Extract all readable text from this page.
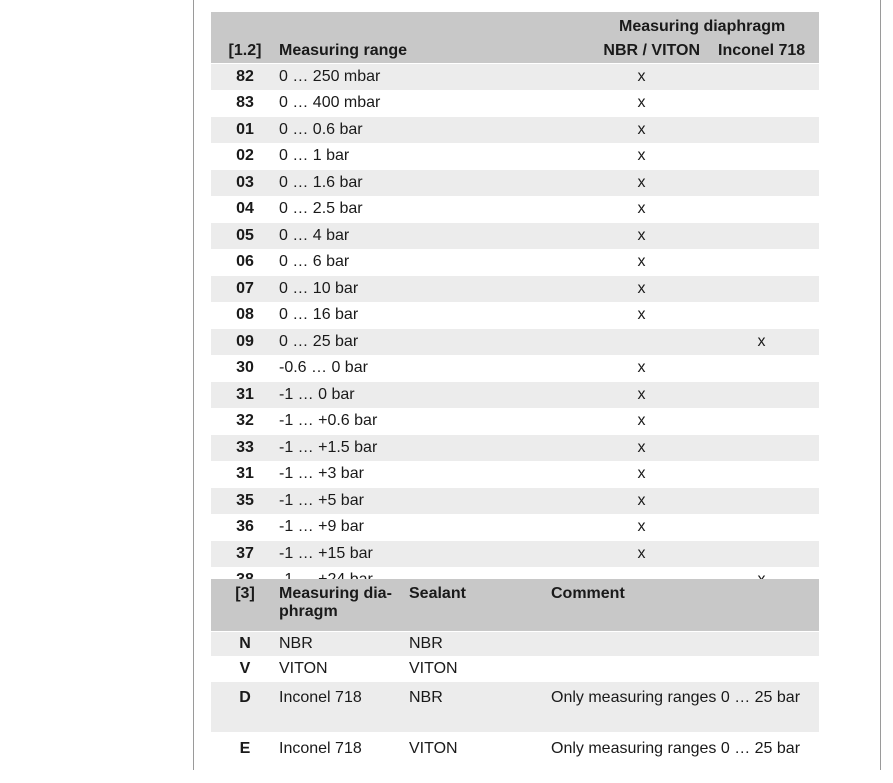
		Measuring diaphragm	
[1.2]	Measuring range	NBR / VITON	Inconel 718
82	0 … 250 mbar	x	
83	0 … 400 mbar	x	
01	0 … 0.6 bar	x	
02	0 … 1 bar	x	
03	0 … 1.6 bar	x	
04	0 … 2.5 bar	x	
05	0 … 4 bar	x	
06	0 … 6 bar	x	
07	0 … 10 bar	x	
08	0 … 16 bar	x	
09	0 … 25 bar		x
30	-0.6 … 0 bar	x	
31	-1 … 0 bar	x	
32	-1 … +0.6 bar	x	
33	-1 … +1.5 bar	x	
31	-1 … +3 bar	x	
35	-1 … +5 bar	x	
36	-1 … +9 bar	x	
37	-1 … +15 bar	x	

[3]	Measuring dia-phragm	Sealant	Comment
N	NBR	NBR	
V	VITON	VITON	
D	Inconel 718	NBR	Only measuring ranges 0 … 25 bar
E	Inconel 718	VITON	Only measuring ranges 0 … 25 bar
